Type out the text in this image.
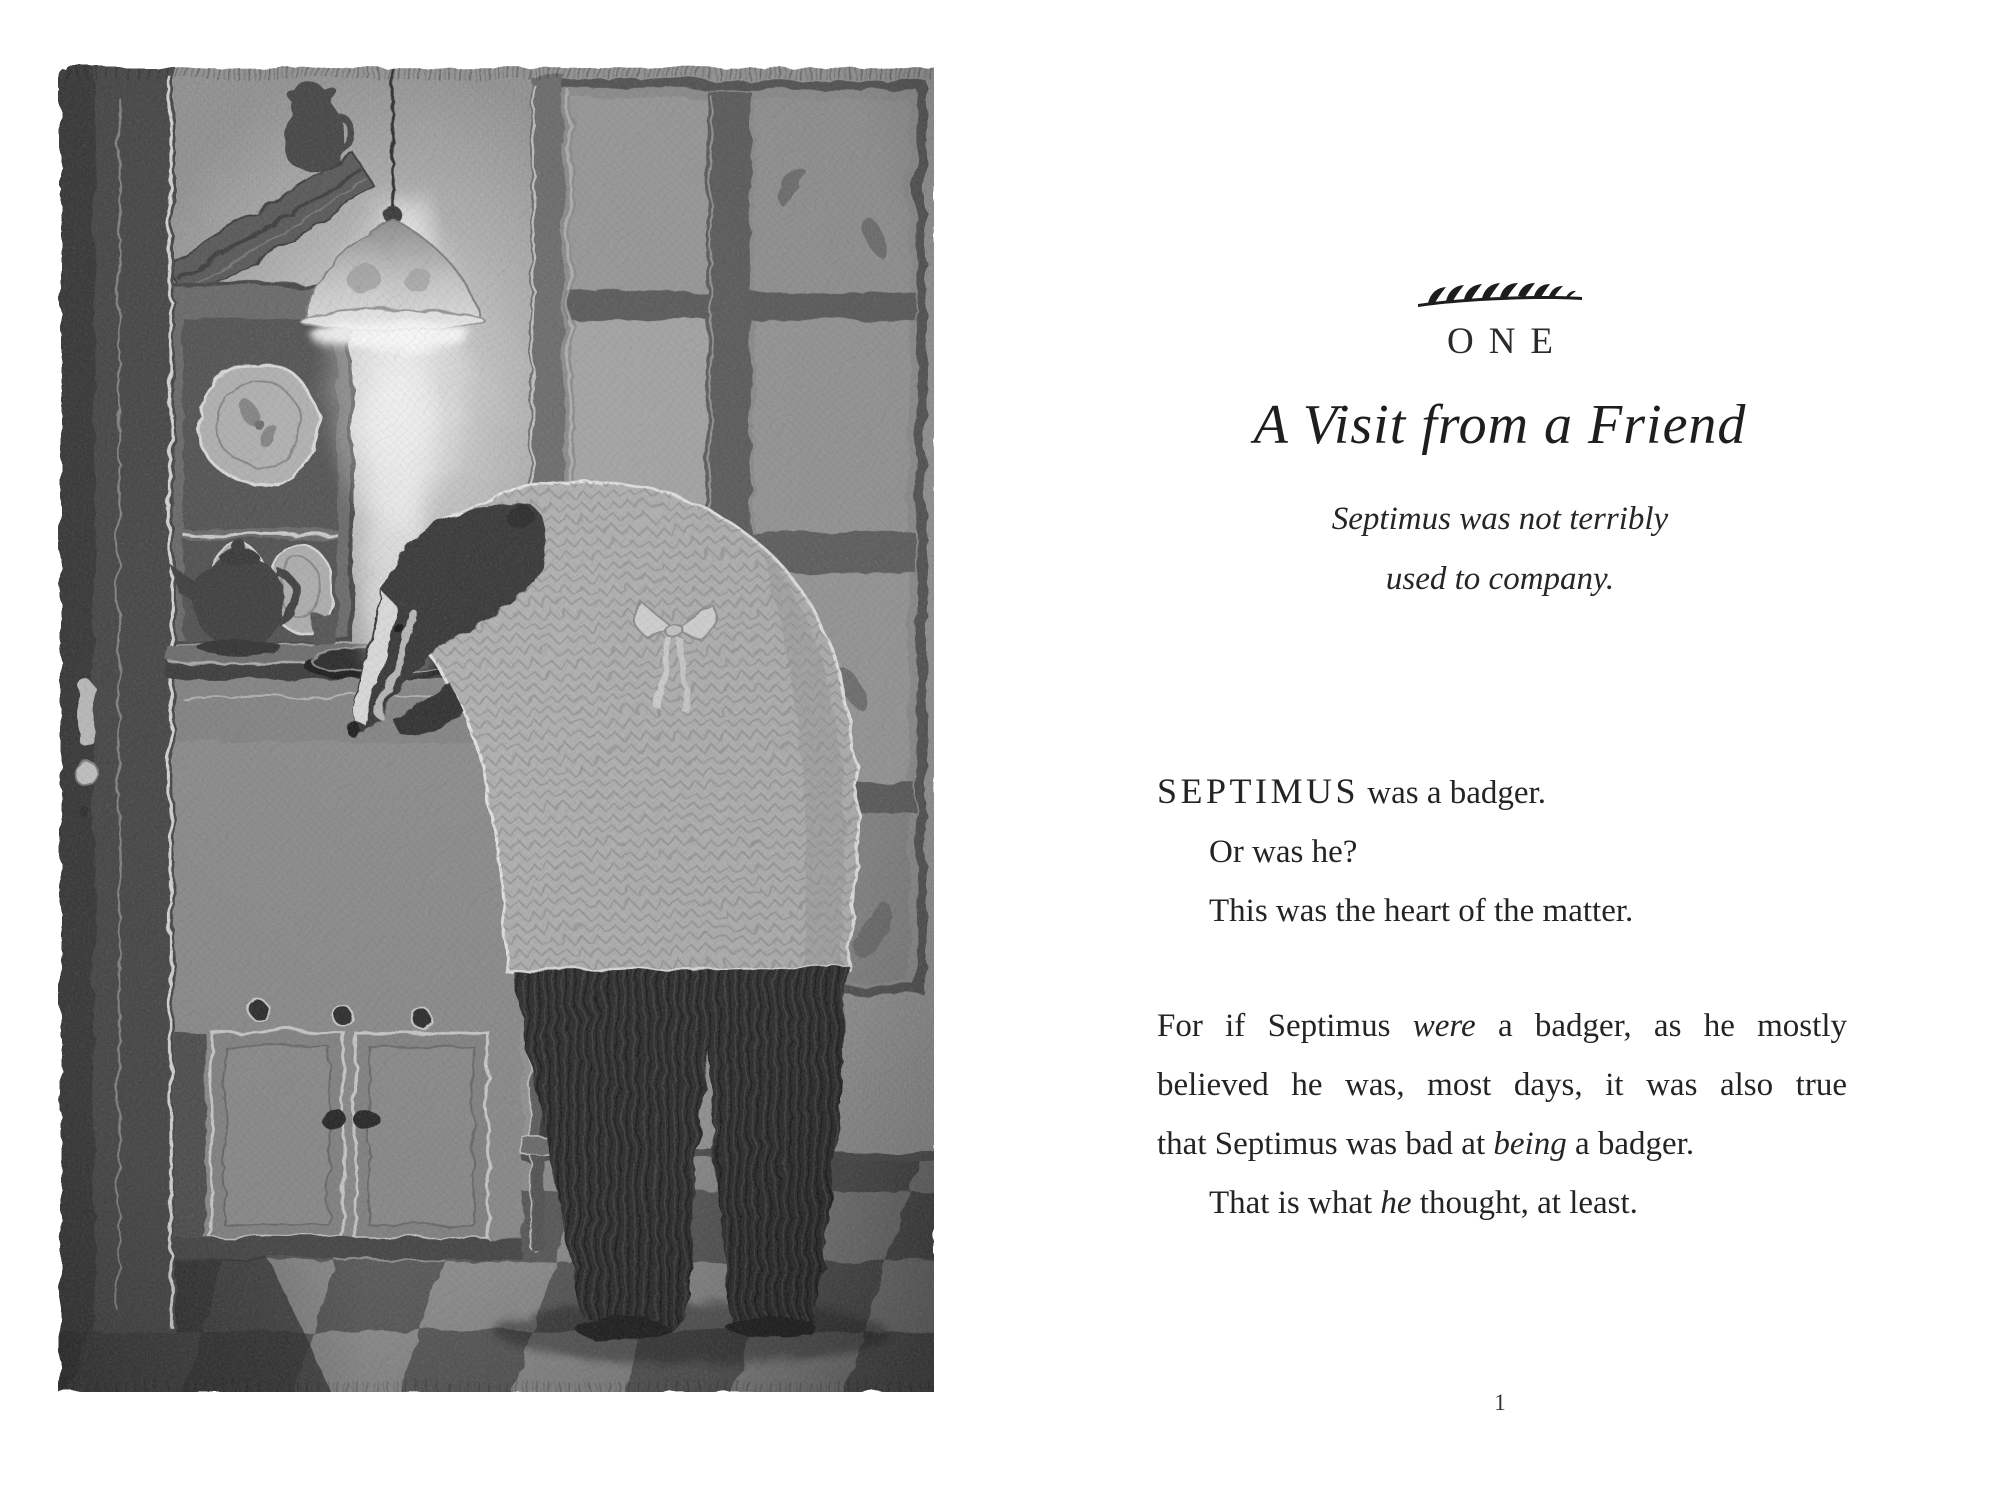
ONE
A Visit from a Friend
Septimus was not terribly
used to company.

SEPTIMUS was a badger.

Or was he?

This was the heart of the matter.

For if Septimus were a badger, as he mostly

believed he was, most days, it was also true

that Septimus was bad at being a badger.

That is what he thought, at least.

1
